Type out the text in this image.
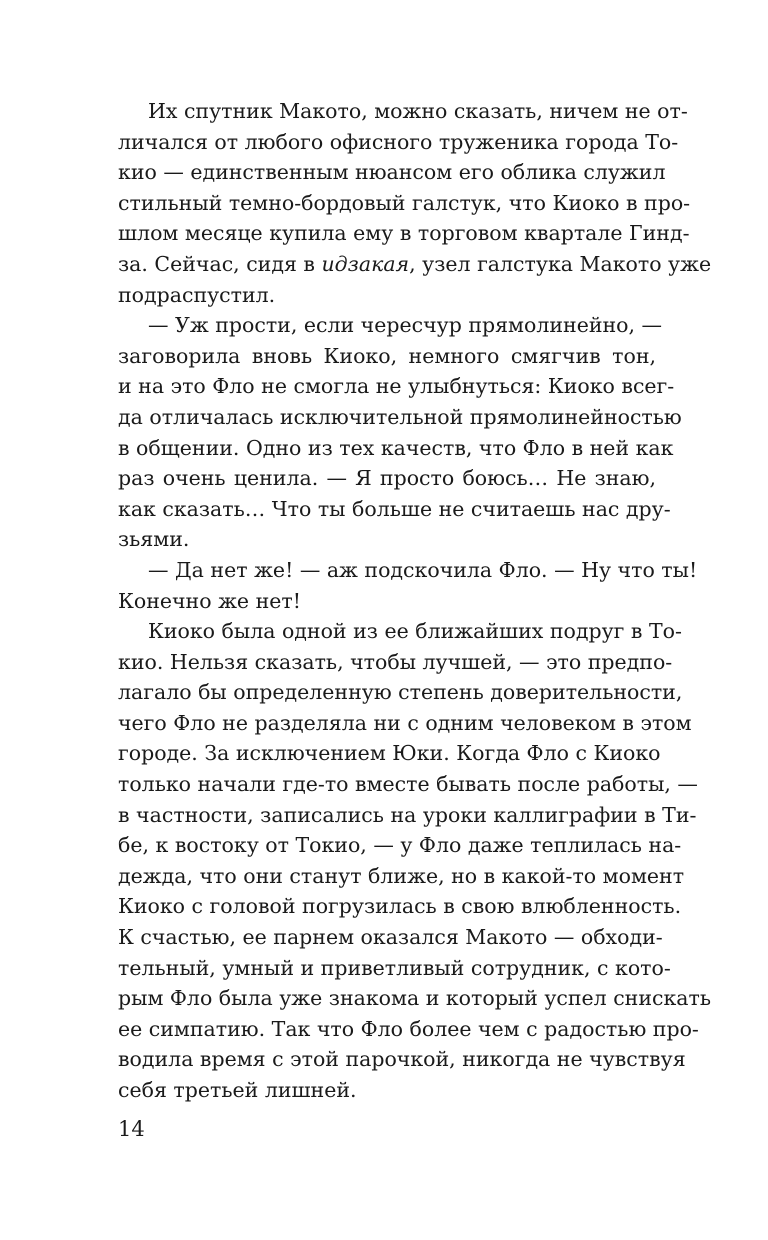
Их спутник Макото, можно сказать, ничем не от-
личался от любого офисного труженика города То-
кио — единственным нюансом его облика служил
стильный темно-бордовый галстук, что Киоко в про-
шлом месяце купила ему в торговом квартале Гинд-
за. Сейчас, сидя в идзакая, узел галстука Макото уже
подраспустил.
— Уж прости, если чересчур прямолинейно, —
заговорила вновь Киоко, немного смягчив тон,
и на это Фло не смогла не улыбнуться: Киоко всег-
да отличалась исключительной прямолинейностью
в общении. Одно из тех качеств, что Фло в ней как
раз очень ценила. — Я просто боюсь… Не знаю,
как сказать… Что ты больше не считаешь нас дру-
зьями.
— Да нет же! — аж подскочила Фло. — Ну что ты!
Конечно же нет!
Киоко была одной из ее ближайших подруг в То-
кио. Нельзя сказать, чтобы лучшей, — это предпо-
лагало бы определенную степень доверительности,
чего Фло не разделяла ни с одним человеком в этом
городе. За исключением Юки. Когда Фло с Киоко
только начали где-то вместе бывать после работы, —
в частности, записались на уроки каллиграфии в Ти-
бе, к востоку от Токио, — у Фло даже теплилась на-
дежда, что они станут ближе, но в какой-то момент
Киоко с головой погрузилась в свою влюбленность.
К счастью, ее парнем оказался Макото — обходи-
тельный, умный и приветливый сотрудник, с кото-
рым Фло была уже знакома и который успел снискать
ее симпатию. Так что Фло более чем с радостью про-
водила время с этой парочкой, никогда не чувствуя
себя третьей лишней.
14
